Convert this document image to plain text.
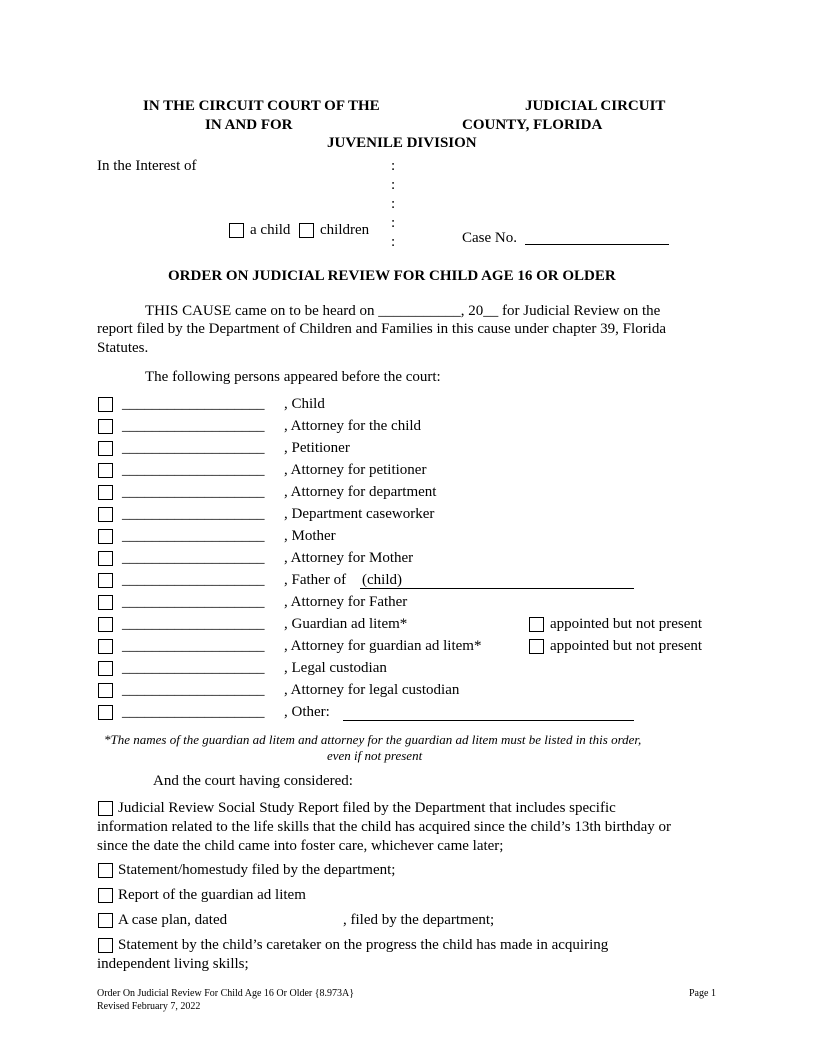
IN THE CIRCUIT COURT OF THE	JUDICIAL CIRCUIT
IN AND FOR	COUNTY, FLORIDA
JUVENILE DIVISION
In the Interest of	:
:
:
:
:
a child children	Case No.
ORDER ON JUDICIAL REVIEW FOR CHILD AGE 16 OR OLDER
THIS CAUSE came on to be heard on ___________, 20__ for Judicial Review on the
report filed by the Department of Children and Families in this cause under chapter 39, Florida
Statutes.
The following persons appeared before the court:
___________________ , Child
___________________ , Attorney for the child
___________________ , Petitioner
___________________ , Attorney for petitioner
___________________ , Attorney for department
___________________ , Department caseworker
___________________ , Mother
___________________ , Attorney for Mother
___________________ , Father of (child)
___________________ , Attorney for Father
___________________ , Guardian ad litem*	appointed but not present
___________________ , Attorney for guardian ad litem*	appointed but not present
___________________ , Legal custodian
___________________ , Attorney for legal custodian
___________________ , Other:
*The names of the guardian ad litem and attorney for the guardian ad litem must be listed in this order,
even if not present
And the court having considered:
Judicial Review Social Study Report filed by the Department that includes specific
information related to the life skills that the child has acquired since the child’s 13th birthday or
since the date the child came into foster care, whichever came later;
Statement/homestudy filed by the department;
Report of the guardian ad litem
A case plan, dated	, filed by the department;
Statement by the child’s caretaker on the progress the child has made in acquiring
independent living skills;
Order On Judicial Review For Child Age 16 Or Older {8.973A}
Revised February 7, 2022
Page 1
